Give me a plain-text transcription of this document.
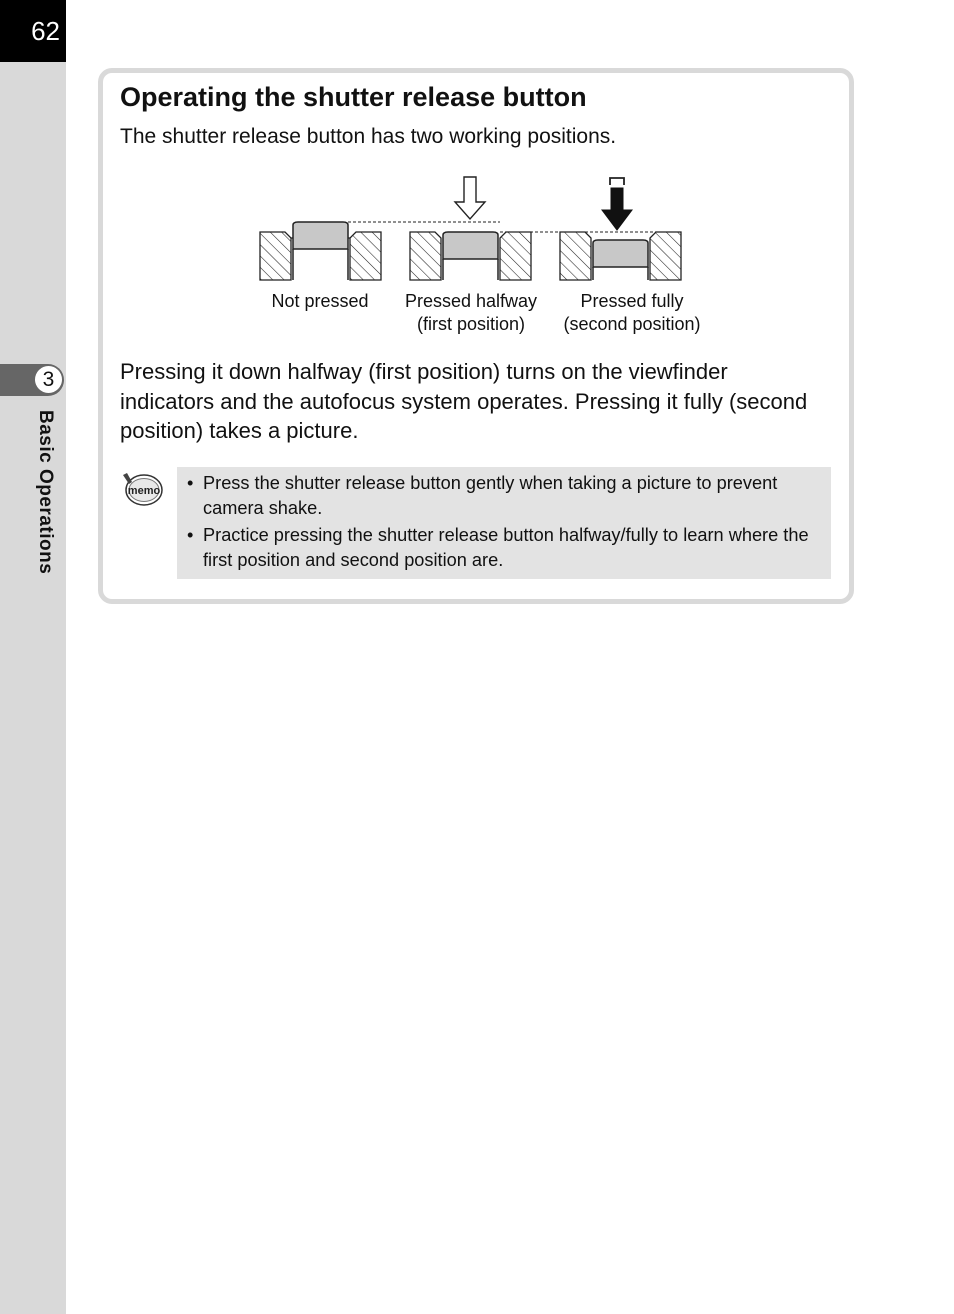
62
3
Basic Operations
Operating the shutter release button
The shutter release button has two working positions.
Not pressed	Pressed halfway
(first position)
Pressed fully
(second position)
Pressing it down halfway (first position) turns on the viewfinder indicators and the autofocus system operates. Pressing it fully (second position) takes a picture.
memo • Press the shutter release button gently when taking a picture to prevent camera shake.
• Practice pressing the shutter release button halfway/fully to learn where the first position and second position are.
